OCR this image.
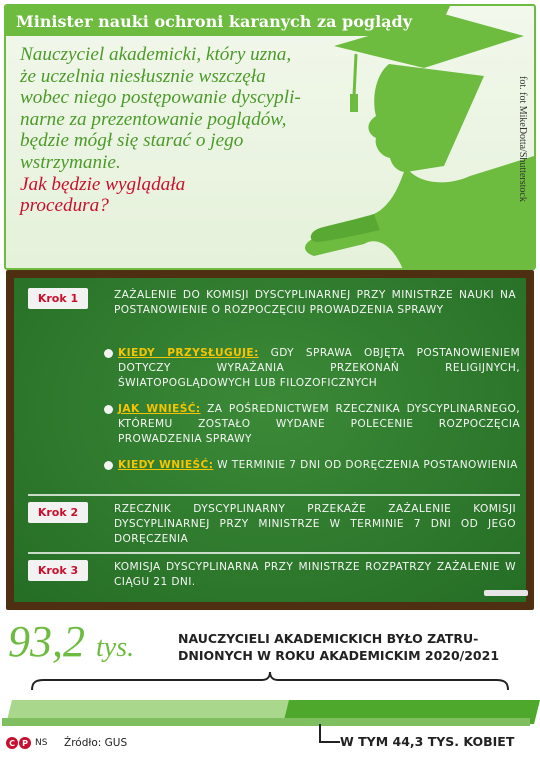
Minister nauki ochroni karanych za poglądy
fot. fot MikeDotta/Shutterstock
Nauczyciel akademicki, który uzna,
że uczelnia niesłusznie wszczęła
wobec niego postępowanie dyscypli-
narne za prezentowanie poglądów,
będzie mógł się starać o jego
wstrzymanie.
Jak będzie wyglądała
procedura?
Krok 1	ZAŻALENIE DO KOMISJI DYSCYPLINARNEJ PRZY MINISTRZE NAUKI NA POSTANOWIENIE O ROZPOCZĘCIU PROWADZENIA SPRAWY
KIEDY PRZYSŁUGUJE: GDY SPRAWA OBJĘTA POSTANOWIENIEM DOTYCZY WYRAŻANIA PRZEKONAŃ RELIGIJNYCH, ŚWIATOPOGLĄDOWYCH LUB FILOZOFICZNYCH
JAK WNIEŚĆ: ZA POŚREDNICTWEM RZECZNIKA DYSCYPLINARNEGO, KTÓREMU ZOSTAŁO WYDANE POLECENIE ROZPOCZĘCIA PROWADZENIA SPRAWY
KIEDY WNIEŚĆ: W TERMINIE 7 DNI OD DORĘCZENIA POSTANOWIENIA
Krok 2	RZECZNIK DYSCYPLINARNY PRZEKAŻE ZAŻALENIE KOMISJI DYSCYPLINARNEJ PRZY MINISTRZE W TERMINIE 7 DNI OD JEGO DORĘCZENIA
Krok 3	KOMISJA DYSCYPLINARNA PRZY MINISTRZE ROZPATRZY ZAŻALENIE W CIĄGU 21 DNI.
93,2 tys.	NAUCZYCIELI AKADEMICKICH BYŁO ZATRU-
DNIONYCH W ROKU AKADEMICKIM 2020/2021
W TYM 44,3 TYS. KOBIET
C P NS Źródło: GUS
